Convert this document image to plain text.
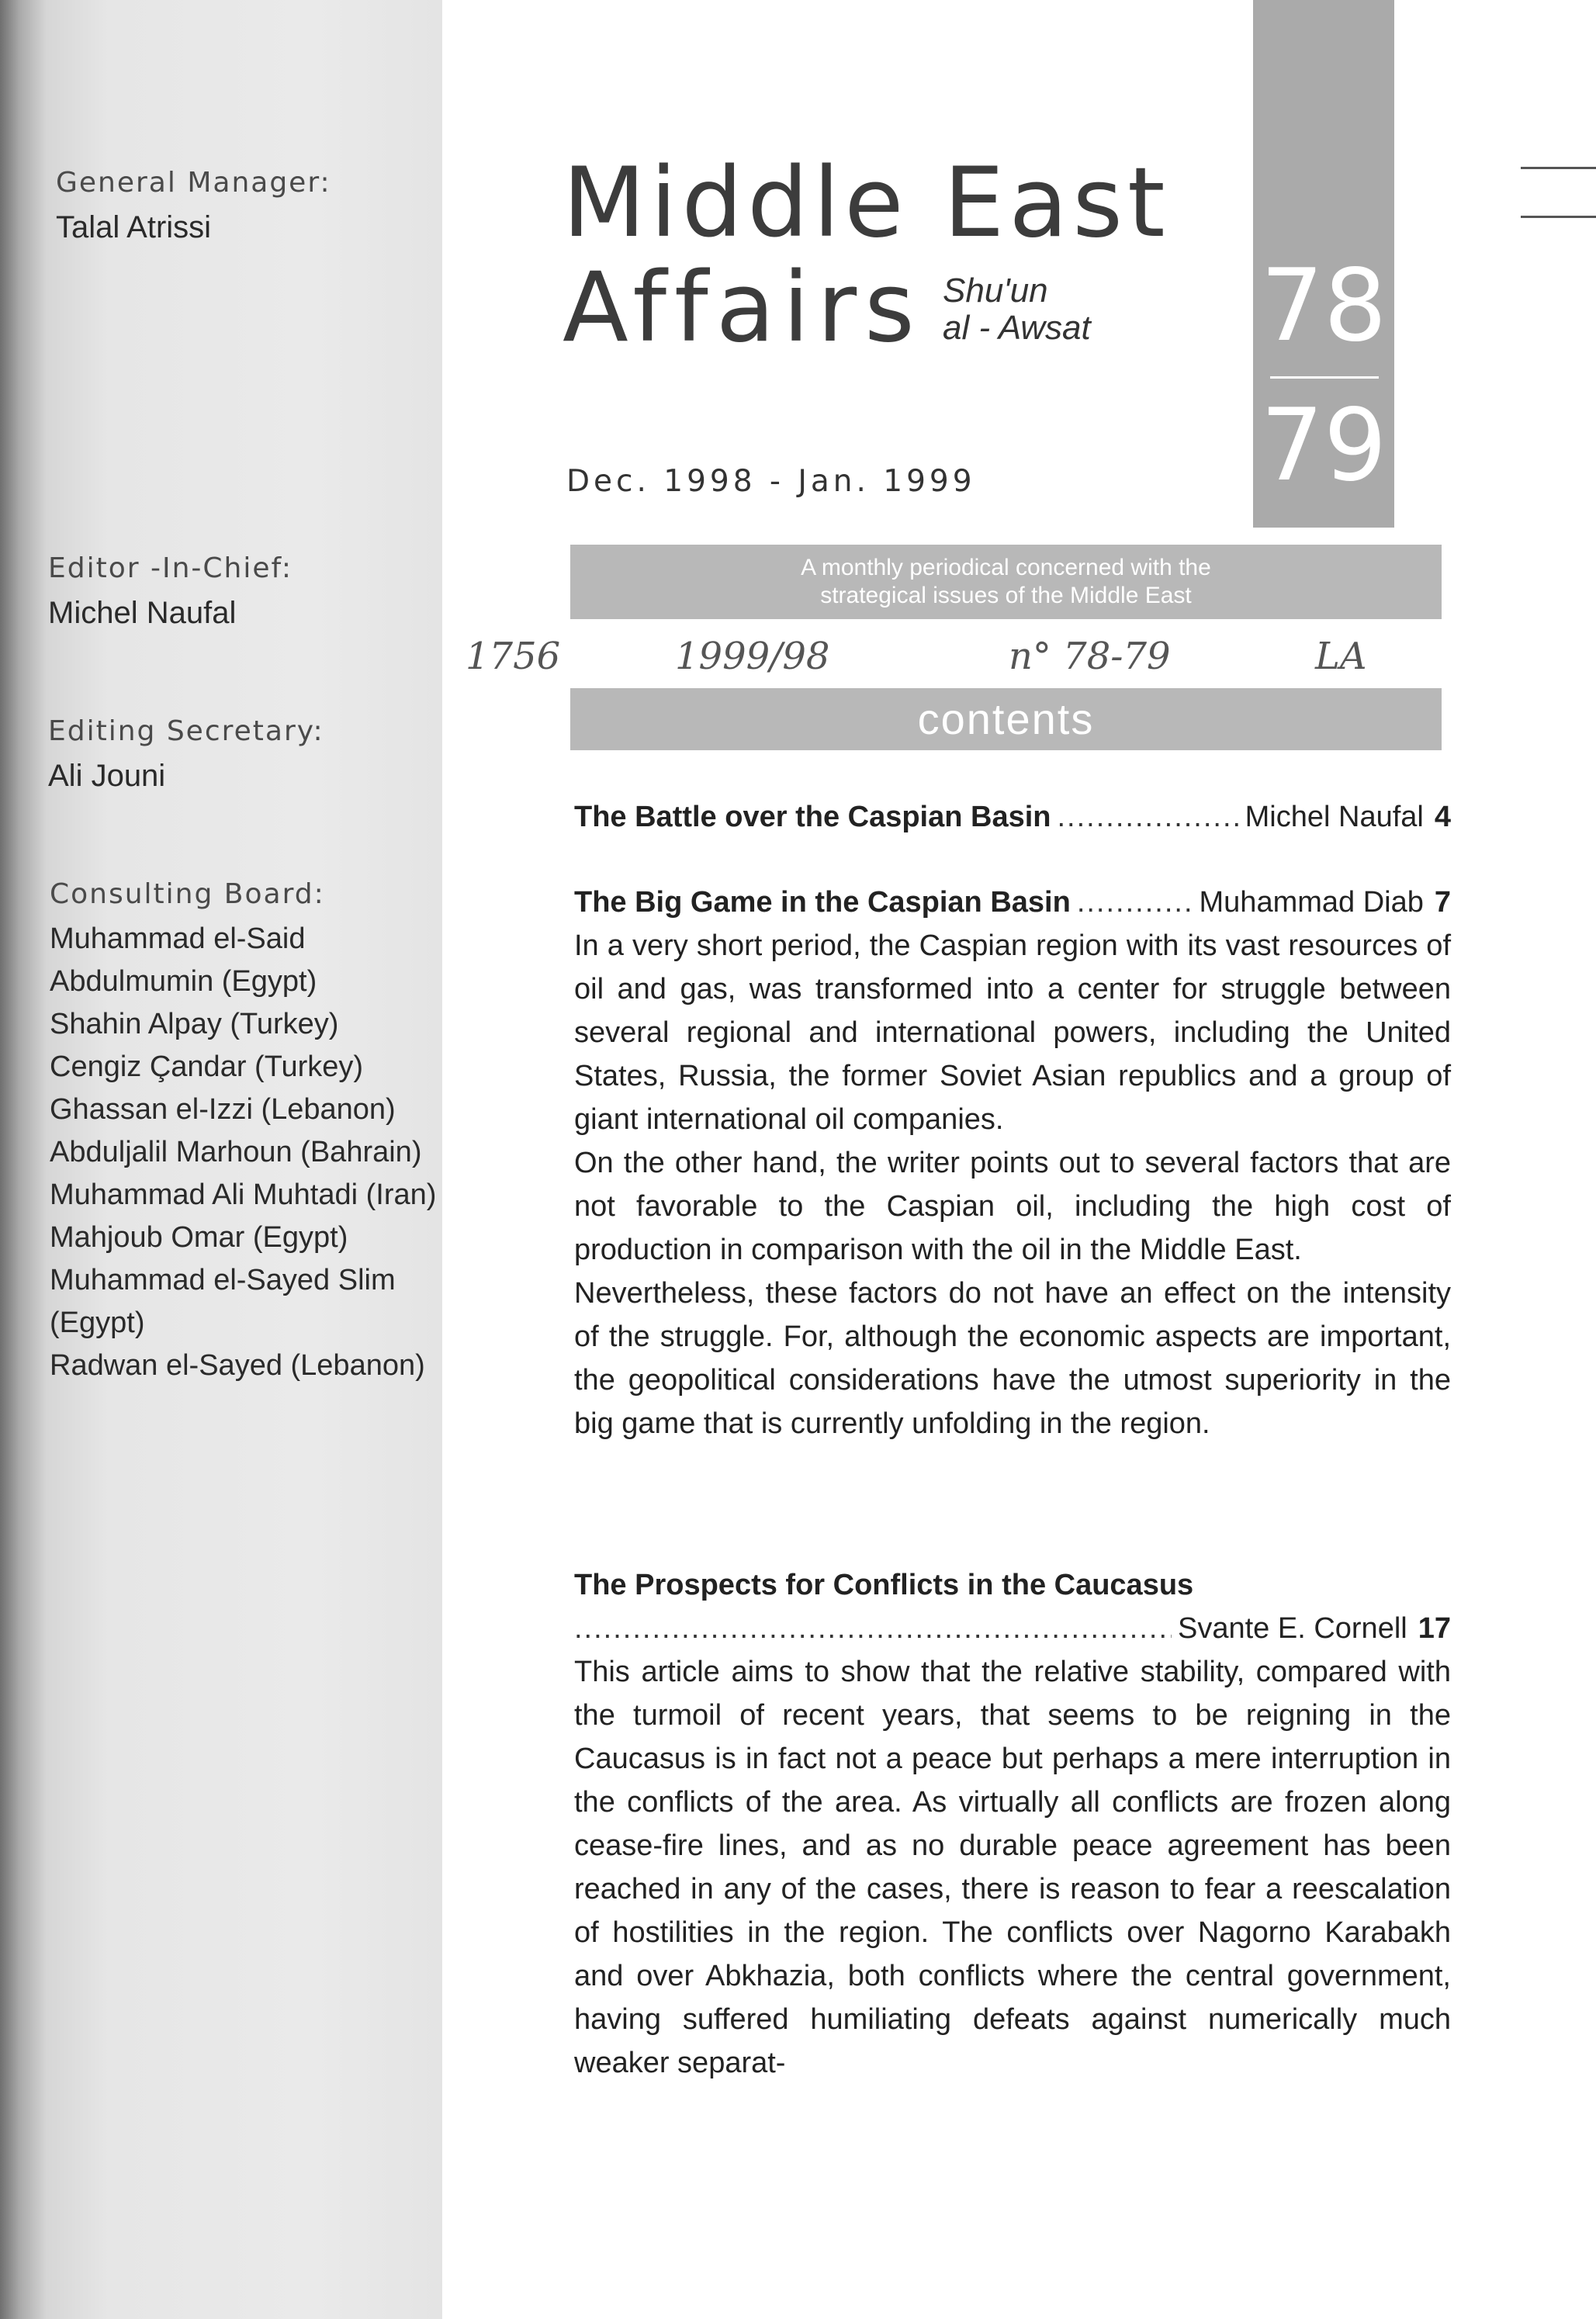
General Manager:
Talal Atrissi
Editor -In-Chief:
Michel Naufal
Editing Secretary:
Ali Jouni
Consulting Board:
Muhammad el-Said
Abdulmumin (Egypt)
Shahin Alpay (Turkey)
Cengiz Çandar (Turkey)
Ghassan el-Izzi (Lebanon)
Abduljalil Marhoun (Bahrain)
Muhammad Ali Muhtadi (Iran)
Mahjoub Omar (Egypt)
Muhammad el-Sayed Slim
(Egypt)
Radwan el-Sayed (Lebanon)
Middle East
Affairs Shu'un
al - Awsat 78
79
Dec. 1998 - Jan. 1999
A monthly periodical concerned with the
strategical issues of the Middle East
1756	1999/98	n° 78-79	LA
contents
The Battle over the Caspian Basin .....	Michel Naufal 4
The Big Game in the Caspian Basin .....	Muhammad Diab 7

In a very short period, the Caspian region with its vast resources of oil and gas, was transformed into a center for struggle between several regional and international powers, including the United States, Russia, the former Soviet Asian republics and a group of giant international oil companies.

On the other hand, the writer points out to several factors that are not favorable to the Caspian oil, including the high cost of production in comparison with the oil in the Middle East.

Nevertheless, these factors do not have an effect on the intensity of the struggle. For, although the economic aspects are important, the geopolitical considerations have the utmost superiority in the big game that is currently unfolding in the region.

The Prospects for Conflicts in the Caucasus
.....
Svante E. Cornell 17

This article aims to show that the relative stability, compared with the turmoil of recent years, that seems to be reigning in the Caucasus is in fact not a peace but perhaps a mere interruption in the conflicts of the area. As virtually all conflicts are frozen along cease-fire lines, and as no durable peace agreement has been reached in any of the cases, there is reason to fear a reescalation of hostilities in the region. The conflicts over Nagorno Karabakh and over Abkhazia, both conflicts where the central government, having suffered humiliating defeats against numerically much weaker separat-
